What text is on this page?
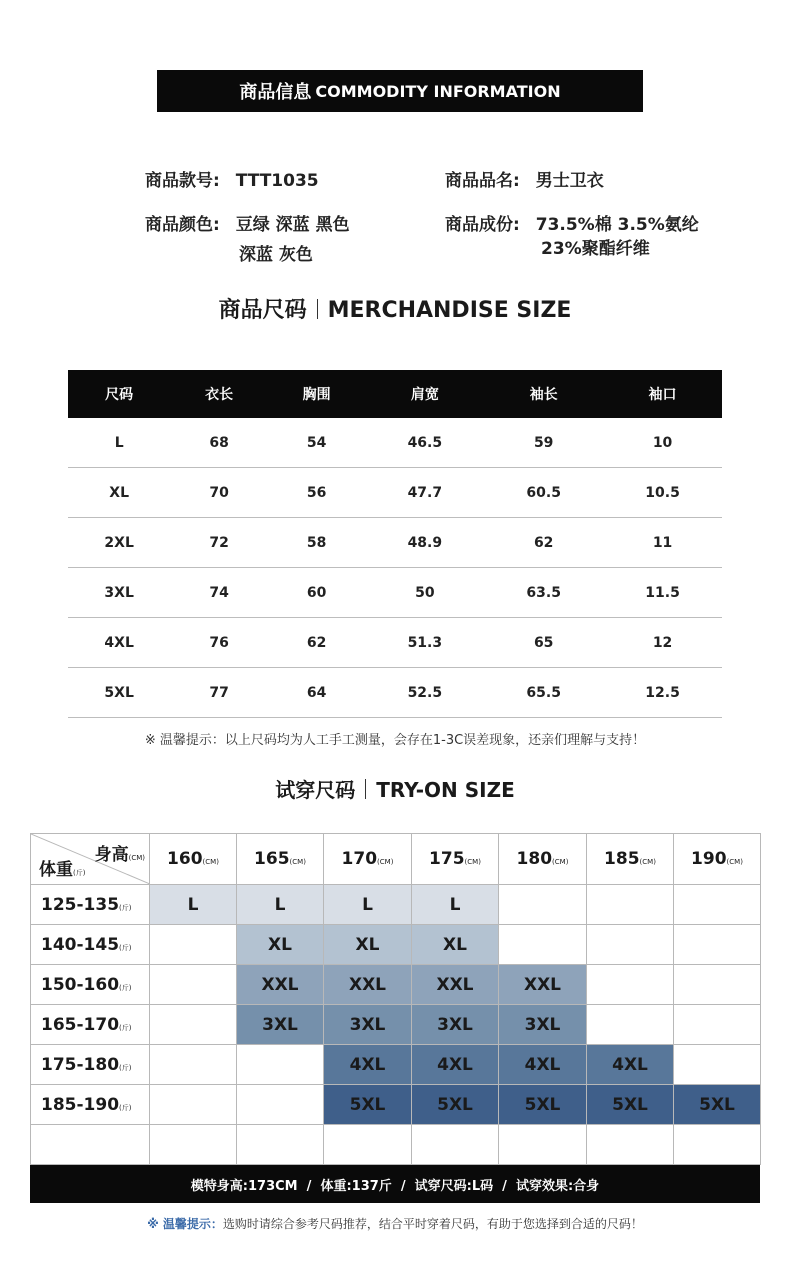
商品信息 COMMODITY INFORMATION
商品款号: TTT1035	商品品名: 男士卫衣
商品颜色: 豆绿 深蓝 黑色
深蓝 灰色
商品成份: 73.5%棉 3.5%氨纶
23%聚酯纤维
商品尺码 MERCHANDISE SIZE
尺码	衣长	胸围	肩宽	袖长	袖口
L	68	54	46.5	59	10
XL	70	56	47.7	60.5	10.5
2XL	72	58	48.9	62	11
3XL	74	60	50	63.5	11.5
4XL	76	62	51.3	65	12
5XL	77	64	52.5	65.5	12.5
※ 温馨提示：以上尺码均为人工手工测量，会存在1-3C误差现象，还亲们理解与支持！
试穿尺码 TRY-ON SIZE
身高(CM)
体重(斤)	160(CM)	165(CM)	170(CM)	175(CM)	180(CM)	185(CM)	190(CM)
125-135(斤)	L	L	L	L			
140-145(斤)		XL	XL	XL			
150-160(斤)		XXL	XXL	XXL	XXL		
165-170(斤)		3XL	3XL	3XL	3XL		
175-180(斤)			4XL	4XL	4XL	4XL	
185-190(斤)			5XL	5XL	5XL	5XL	5XL

模特身高:173CM  /  体重:137斤  /  试穿尺码:L码  /  试穿效果:合身
※ 温馨提示：选购时请综合参考尺码推荐，结合平时穿着尺码，有助于您选择到合适的尺码！
